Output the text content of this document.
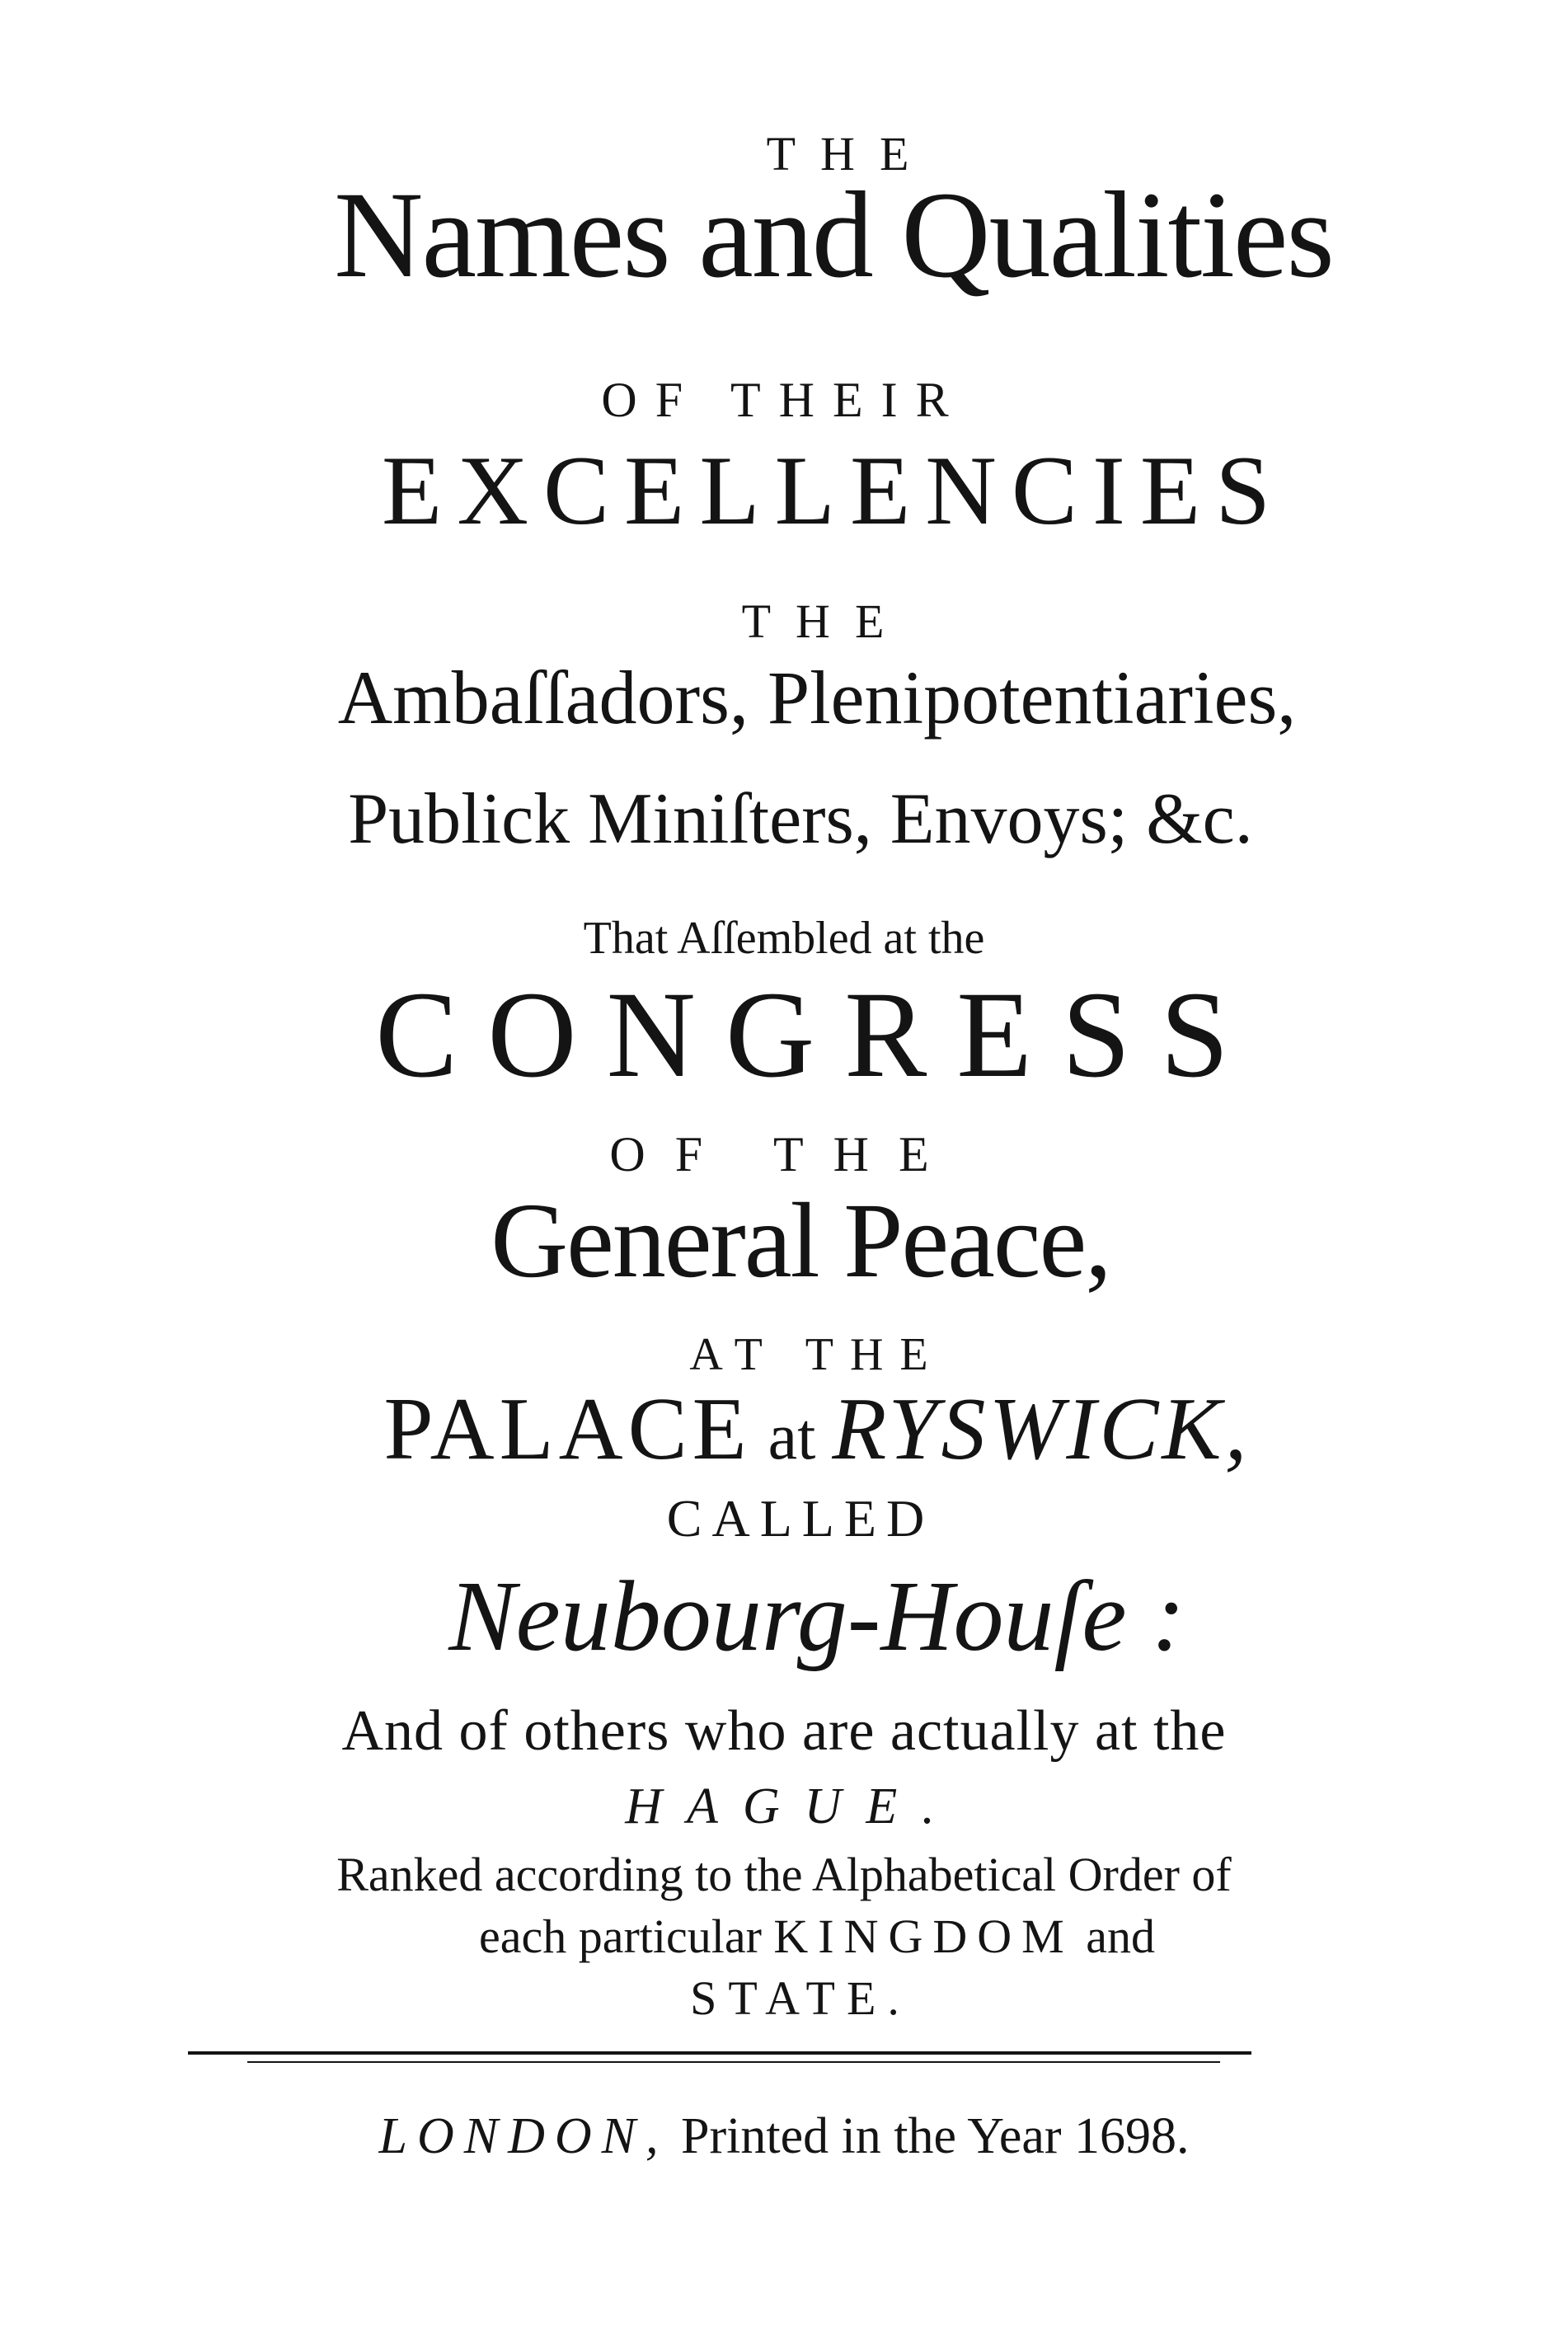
THE

Names and Qualities

OF THEIR

EXCELLENCIES

THE

Ambaſſadors, Plenipotentiaries,

Publick Miniſters, Envoys; &c.

That Aſſembled at the

CONGRESS

OF THE

General Peace,

AT THE

PALACE at RYSWICK,

CALLED

Neubourg-Houſe :

And of others who are actually at the

HAGUE.

Ranked according to the Alphabetical Order of

each particular KINGDOM and

STATE.

LONDON, Printed in the Year 1698.
